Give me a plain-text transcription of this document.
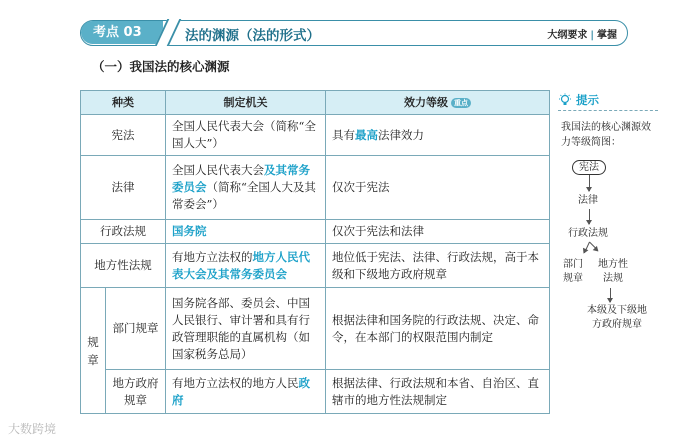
考点 03	法的渊源（法的形式）	大纲要求 | 掌握
（一）我国法的核心渊源
种类		制定机关	效力等级 重点
宪法		全国人民代表大会（简称“全国人大”）	具有最高法律效力
法律		全国人民代表大会及其常务委员会（简称“全国人大及其常委会”）	仅次于宪法
行政法规		国务院	仅次于宪法和法律
地方性法规		有地方立法权的地方人民代表大会及其常务委员会	地位低于宪法、法律、行政法规，高于本级和下级地方政府规章
规章	部门规章	国务院各部、委员会、中国人民银行、审计署和具有行政管理职能的直属机构（如国家税务总局）	根据法律和国务院的行政法规、决定、命令，在本部门的权限范围内制定
	地方政府规章	有地方立法权的地方人民政府	根据法律、行政法规和本省、自治区、直辖市的地方性法规制定
提示
我国法的核心渊源效力等级简图：
宪法
法律
行政法规
部门规章
地方性法规
本级及下级地方政府规章
大数跨境
